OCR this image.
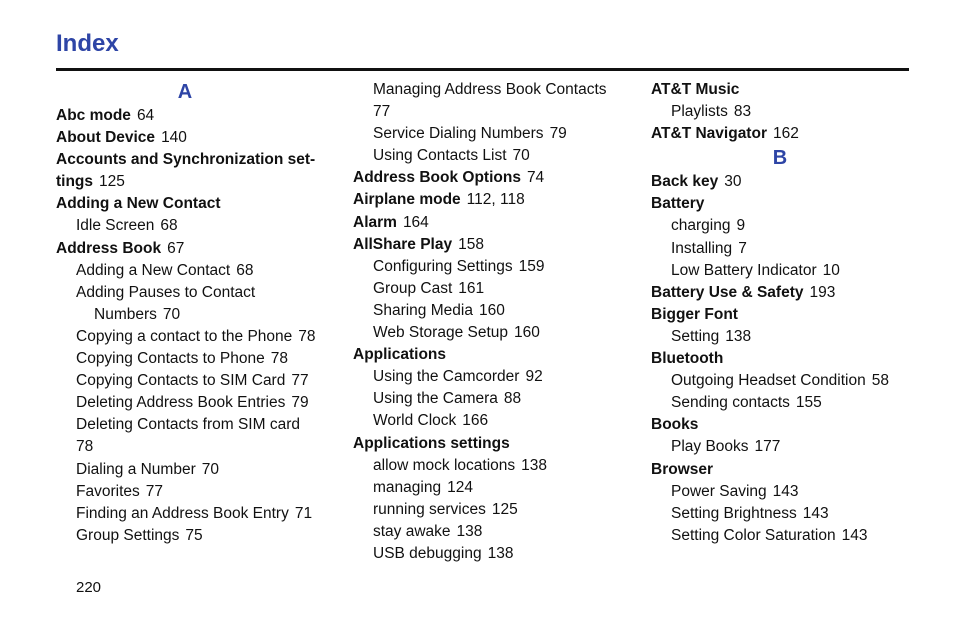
Index
A
Abc mode 64
About Device 140
Accounts and Synchronization set-
tings 125
Adding a New Contact
Idle Screen 68
Address Book 67
Adding a New Contact 68
Adding Pauses to Contact
Numbers 70
Copying a contact to the Phone 78
Copying Contacts to Phone 78
Copying Contacts to SIM Card 77
Deleting Address Book Entries 79
Deleting Contacts from SIM card
78
Dialing a Number 70
Favorites 77
Finding an Address Book Entry 71
Group Settings 75
Managing Address Book Contacts
77
Service Dialing Numbers 79
Using Contacts List 70
Address Book Options 74
Airplane mode 112, 118
Alarm 164
AllShare Play 158
Configuring Settings 159
Group Cast 161
Sharing Media 160
Web Storage Setup 160
Applications
Using the Camcorder 92
Using the Camera 88
World Clock 166
Applications settings
allow mock locations 138
managing 124
running services 125
stay awake 138
USB debugging 138
AT&T Music
Playlists 83
AT&T Navigator 162
B
Back key 30
Battery
charging 9
Installing 7
Low Battery Indicator 10
Battery Use & Safety 193
Bigger Font
Setting 138
Bluetooth
Outgoing Headset Condition 58
Sending contacts 155
Books
Play Books 177
Browser
Power Saving 143
Setting Brightness 143
Setting Color Saturation 143
220
